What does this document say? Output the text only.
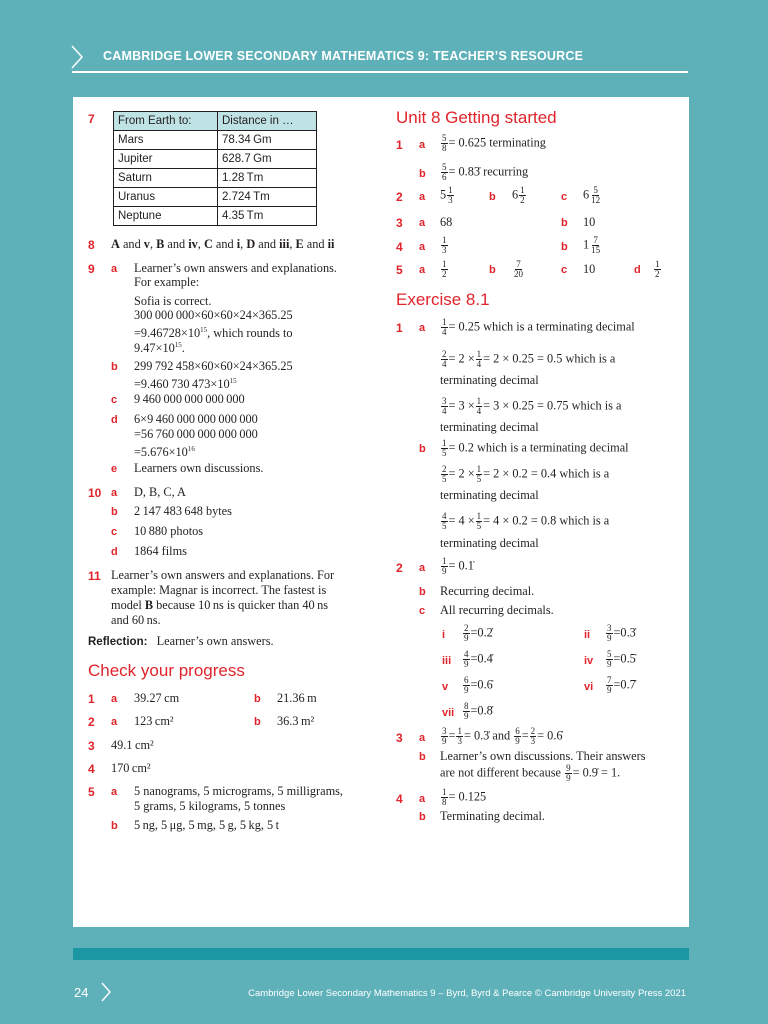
CAMBRIDGE LOWER SECONDARY MATHEMATICS 9: TEACHER’S RESOURCE
7 From Earth to:	Distance in …
Mars	78.34 Gm
Jupiter	628.7 Gm
Saturn	1.28 Tm
Uranus	2.724 Tm
Neptune	4.35 Tm
8 A and v, B and iv, C and i, D and iii, E and ii
9 a Learner’s own answers and explanations.
For example:
Sofia is correct.
300 000 000×60×60×24×365.25
$=9.46728\times 10^{15}$, which rounds to
$9.47\times 10^{15}$.
b 299 792 458×60×60×24×365.25
=9.460 730 $473\times 10^{15}$
c 9 460 000 000 000 000
d 6×9 460 000 000 000 000
=56 760 000 000 000 000
$=5.676\times 10^{16}$
e Learners own discussions.
10 a D, B, C, A
b 2 147 483 648 bytes
c 10 880 photos
d 1864 films
11 Learner’s own answers and explanations. For
example: Magnar is incorrect. The fastest is
model B because 10 ns is quicker than 40 ns
and 60 ns.
Reflection: Learner’s own answers.
Check your progress
1 a 39.27 cm	b 21.36 m
2 a 123 cm²	b 36.3 m²
3 49.1 cm²
4 170 cm²
5 a 5 nanograms, 5 micrograms, 5 milligrams,
5 grams, 5 kilograms, 5 tonnes
b 5 ng, 5 μg, 5 mg, 5 g, 5 kg, 5 t
Unit 8 Getting started
1 a $\frac{5}{8} = 0.625$ terminating
b $\frac{5}{6}$ = 0.83̇ recurring
2 a $5 \frac{1}{3}$	b $6 \frac{1}{2}$	c $6 \frac{5}{12}$
3 a 68	b 10
4 a $\frac{1}{3}$	b $1 \frac{7}{15}$
5 a $\frac{1}{2}$	b $\frac{7}{20}$	c 10	d $\frac{1}{2}$
Exercise 8.1
1 a $\frac{1}{4} = 0.25$ which is a terminating decimal
$\frac{2}{4} = 2 \times \frac{1}{4} = 2 \times 0.25 = 0.5$ which is a
terminating decimal
$\frac{3}{4} = 3 \times \frac{1}{4} = 3 \times 0.25 = 0.75$ which is a
terminating decimal
b $\frac{1}{5} = 0.2$ which is a terminating decimal
$\frac{2}{5} = 2 \times \frac{1}{5} = 2 \times 0.2 = 0.4$ which is a
terminating decimal
$\frac{4}{5} = 4 \times \frac{1}{5} = 4 \times 0.2 = 0.8$ which is a
terminating decimal
2 a $\frac{1}{9}$ = 0.1̇
b Recurring decimal.
c All recurring decimals.
i $\frac{2}{9}$ =0.2̇	ii $\frac{3}{9}$ =0.3̇
iii $\frac{4}{9}$ =0.4̇	iv $\frac{5}{9}$ =0.5̇
v $\frac{6}{9}$ =0.6̇	vi $\frac{7}{9}$ =0.7̇
vii $\frac{8}{9}$ =0.8̇
3 a $\frac{3}{9} = \frac{1}{3}$ = 0.3̇ and $\frac{6}{9} = \frac{2}{3}$ = 0.6̇
b Learner’s own discussions. Their answers
are not different because $\frac{9}{9}$ = 0.9̇ = 1.
4 a $\frac{1}{8} = 0.125$
b Terminating decimal.
24	Cambridge Lower Secondary Mathematics 9 – Byrd, Byrd & Pearce © Cambridge University Press 2021
